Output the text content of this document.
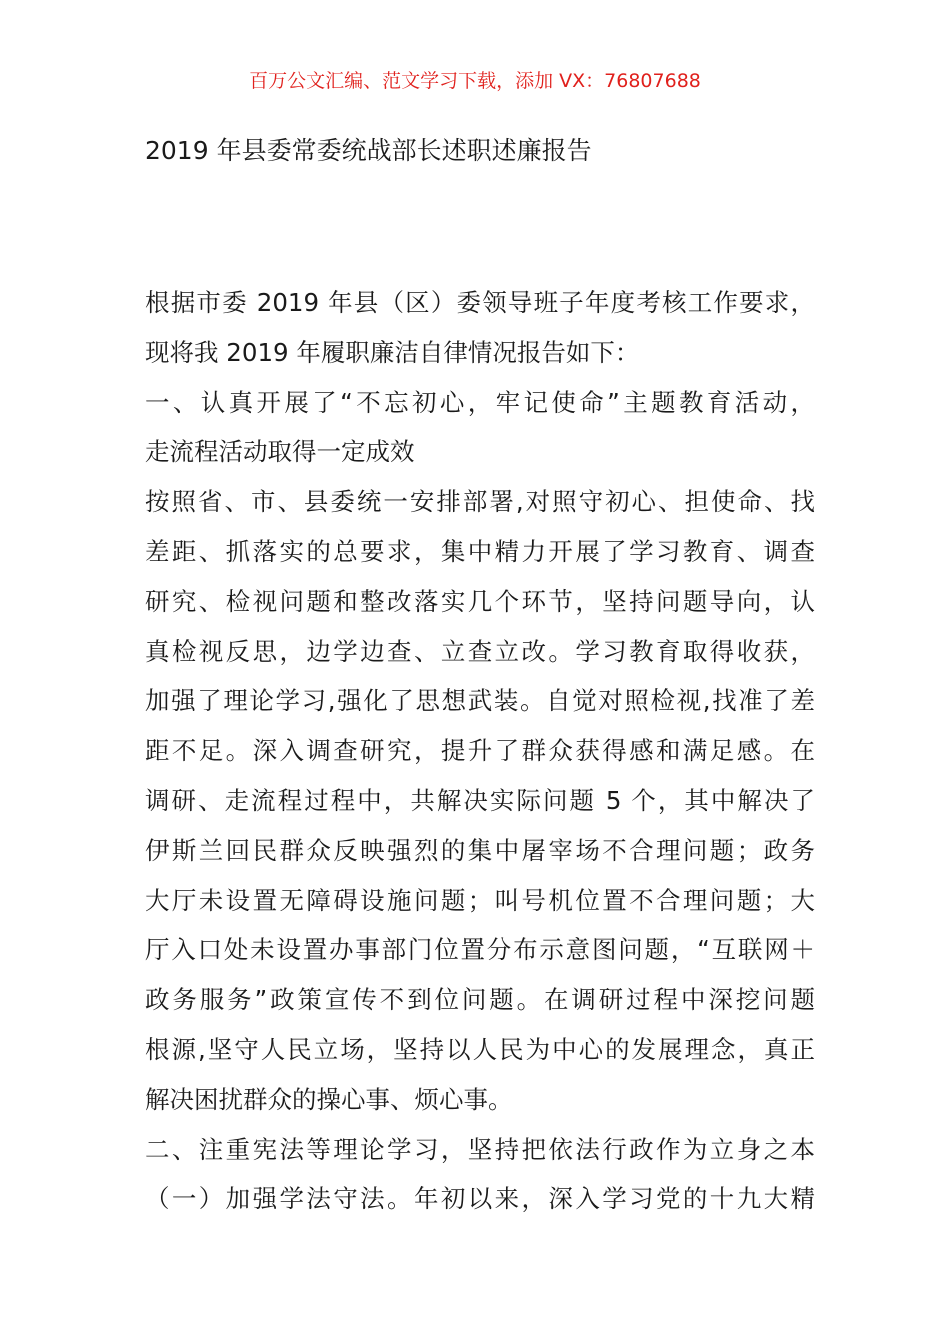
百万公文汇编、范文学习下载，添加 VX：76807688
2019 年县委常委统战部长述职述廉报告
根据市委 2019 年县（区）委领导班子年度考核工作要求，
现将我 2019 年履职廉洁自律情况报告如下：
一、认真开展了“不忘初心，牢记使命”主题教育活动，
走流程活动取得一定成效
按照省、市、县委统一安排部署,对照守初心、担使命、找
差距、抓落实的总要求，集中精力开展了学习教育、调查
研究、检视问题和整改落实几个环节，坚持问题导向，认
真检视反思，边学边查、立查立改。学习教育取得收获，
加强了理论学习,强化了思想武装。自觉对照检视,找准了差
距不足。深入调查研究，提升了群众获得感和满足感。在
调研、走流程过程中，共解决实际问题 5 个，其中解决了
伊斯兰回民群众反映强烈的集中屠宰场不合理问题；政务
大厅未设置无障碍设施问题；叫号机位置不合理问题；大
厅入口处未设置办事部门位置分布示意图问题，“互联网＋
政务服务”政策宣传不到位问题。在调研过程中深挖问题
根源,坚守人民立场，坚持以人民为中心的发展理念，真正
解决困扰群众的操心事、烦心事。
二、注重宪法等理论学习，坚持把依法行政作为立身之本
（一）加强学法守法。年初以来，深入学习党的十九大精
